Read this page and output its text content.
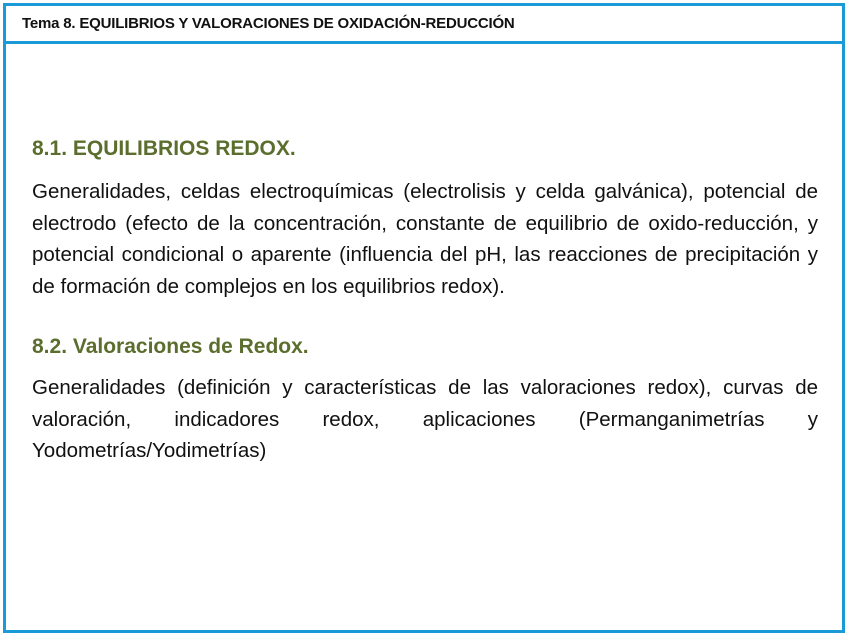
Tema 8. EQUILIBRIOS Y VALORACIONES DE OXIDACIÓN-REDUCCIÓN
8.1. EQUILIBRIOS REDOX.

Generalidades, celdas electroquímicas (electrolisis y celda galvánica), potencial de electrodo (efecto de la concentración, constante de equilibrio de oxido-reducción, y potencial condicional o aparente (influencia del pH, las reacciones de precipitación y de formación de complejos en los equilibrios redox).

8.2. Valoraciones de Redox.

Generalidades (definición y características de las valoraciones redox), curvas de valoración, indicadores redox, aplicaciones (Permanganimetrías y Yodometrías/Yodimetrías)
